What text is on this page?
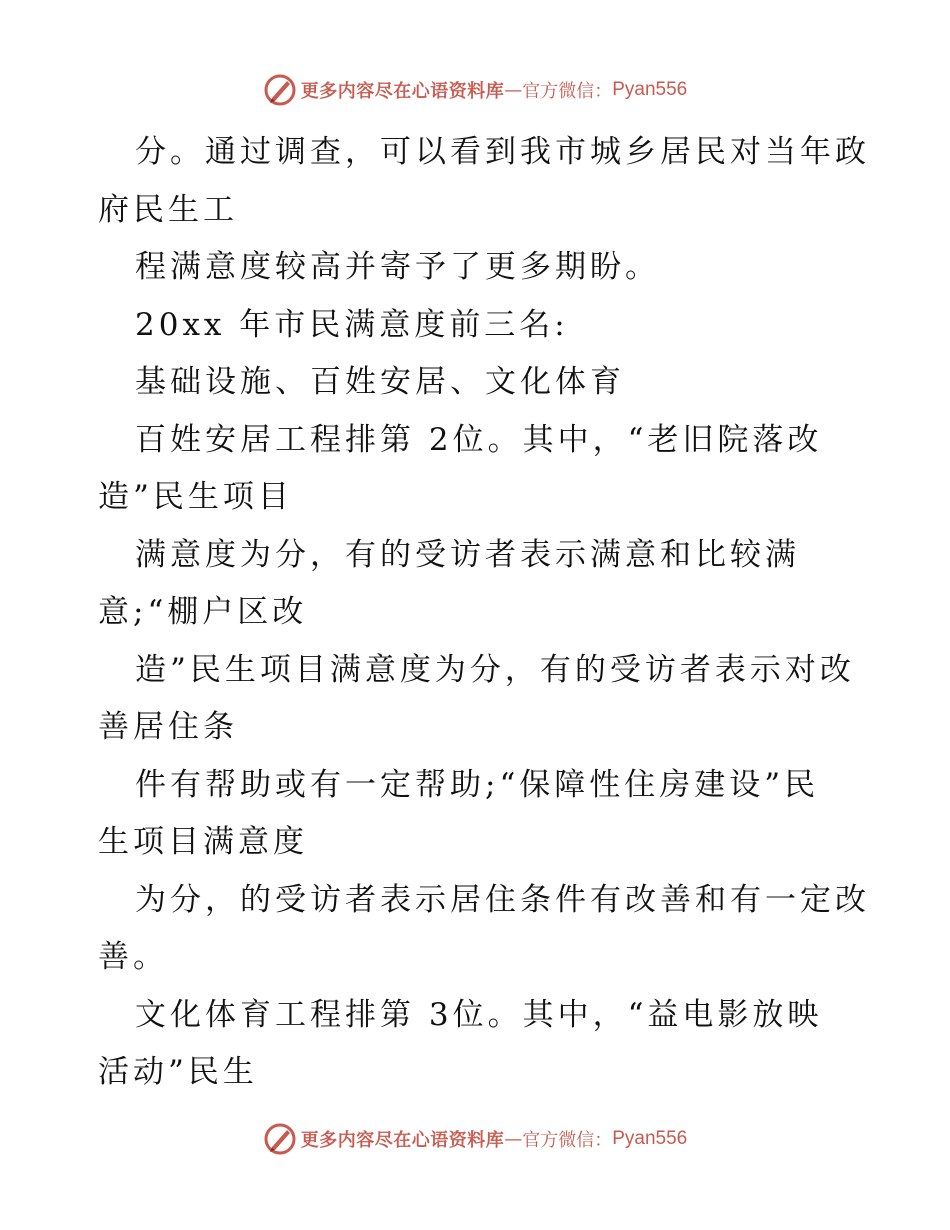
更多内容尽在心语资料库 — 官方微信： Pyan556
分。通过调查，可以看到我市城乡居民对当年政
府民生工
程满意度较高并寄予了更多期盼。
20xx 年市民满意度前三名:
基础设施、百姓安居、文化体育
百姓安居工程排第 2位。其中，“老旧院落改
造”民生项目
满意度为分，有的受访者表示满意和比较满
意;“棚户区改
造”民生项目满意度为分，有的受访者表示对改
善居住条
件有帮助或有一定帮助;“保障性住房建设”民
生项目满意度
为分，的受访者表示居住条件有改善和有一定改
善。
文化体育工程排第 3位。其中，“益电影放映
活动”民生
更多内容尽在心语资料库 — 官方微信： Pyan556
